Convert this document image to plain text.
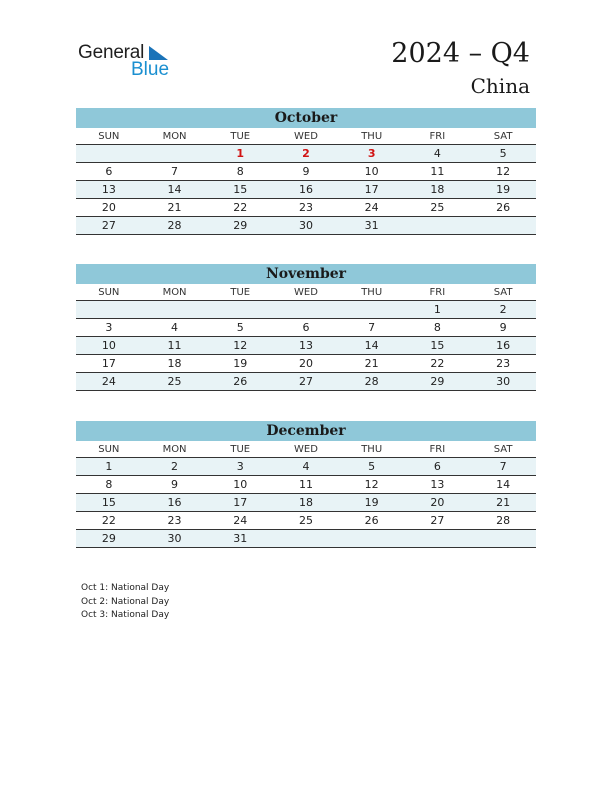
General
Blue
2024 – Q4
China
October
SUN	MON	TUE	WED	THU	FRI	SAT
		1	2	3	4	5
6	7	8	9	10	11	12
13	14	15	16	17	18	19
20	21	22	23	24	25	26
27	28	29	30	31		
November
SUN	MON	TUE	WED	THU	FRI	SAT
					1	2
3	4	5	6	7	8	9
10	11	12	13	14	15	16
17	18	19	20	21	22	23
24	25	26	27	28	29	30
December
SUN	MON	TUE	WED	THU	FRI	SAT
1	2	3	4	5	6	7
8	9	10	11	12	13	14
15	16	17	18	19	20	21
22	23	24	25	26	27	28
29	30	31				
Oct 1: National Day
Oct 2: National Day
Oct 3: National Day
